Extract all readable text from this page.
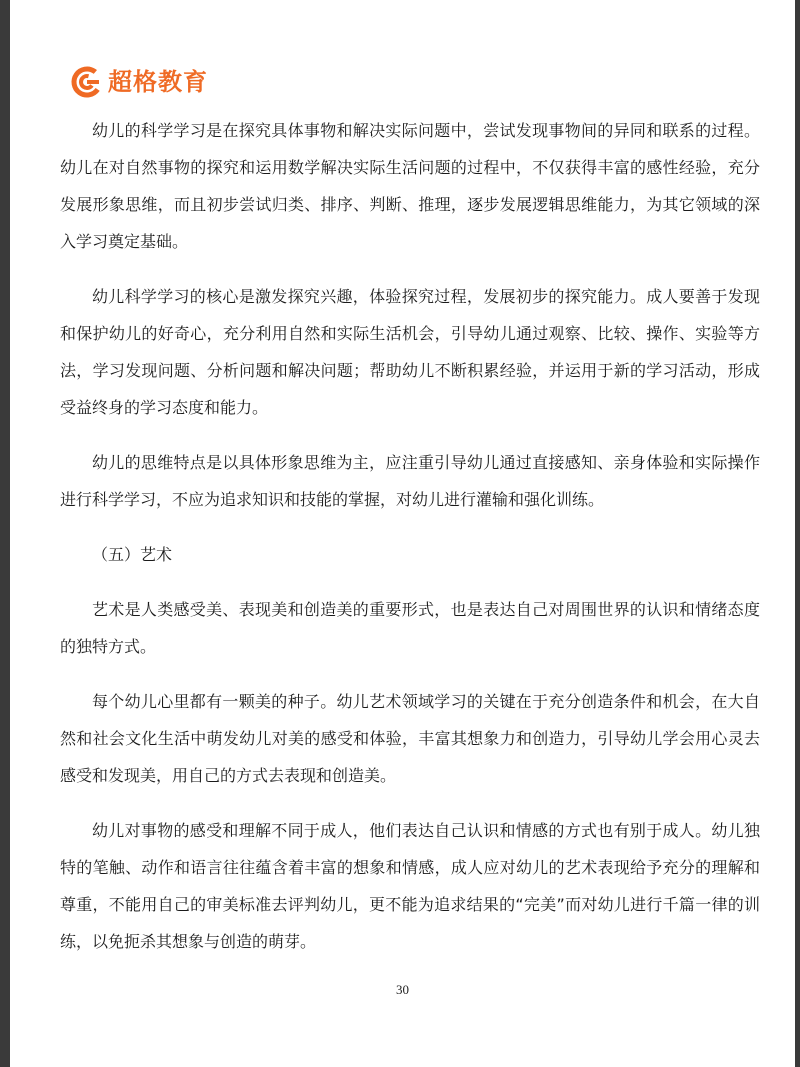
超格教育

幼儿的科学学习是在探究具体事物和解决实际问题中，尝试发现事物间的异同和联系的过程。幼儿在对自然事物的探究和运用数学解决实际生活问题的过程中，不仅获得丰富的感性经验，充分发展形象思维，而且初步尝试归类、排序、判断、推理，逐步发展逻辑思维能力，为其它领域的深入学习奠定基础。

幼儿科学学习的核心是激发探究兴趣，体验探究过程，发展初步的探究能力。成人要善于发现和保护幼儿的好奇心，充分利用自然和实际生活机会，引导幼儿通过观察、比较、操作、实验等方法，学习发现问题、分析问题和解决问题；帮助幼儿不断积累经验，并运用于新的学习活动，形成受益终身的学习态度和能力。

幼儿的思维特点是以具体形象思维为主，应注重引导幼儿通过直接感知、亲身体验和实际操作进行科学学习，不应为追求知识和技能的掌握，对幼儿进行灌输和强化训练。

（五）艺术

艺术是人类感受美、表现美和创造美的重要形式，也是表达自己对周围世界的认识和情绪态度的独特方式。

每个幼儿心里都有一颗美的种子。幼儿艺术领域学习的关键在于充分创造条件和机会，在大自然和社会文化生活中萌发幼儿对美的感受和体验，丰富其想象力和创造力，引导幼儿学会用心灵去感受和发现美，用自己的方式去表现和创造美。

幼儿对事物的感受和理解不同于成人，他们表达自己认识和情感的方式也有别于成人。幼儿独特的笔触、动作和语言往往蕴含着丰富的想象和情感，成人应对幼儿的艺术表现给予充分的理解和尊重，不能用自己的审美标准去评判幼儿，更不能为追求结果的“完美”而对幼儿进行千篇一律的训练，以免扼杀其想象与创造的萌芽。

30
